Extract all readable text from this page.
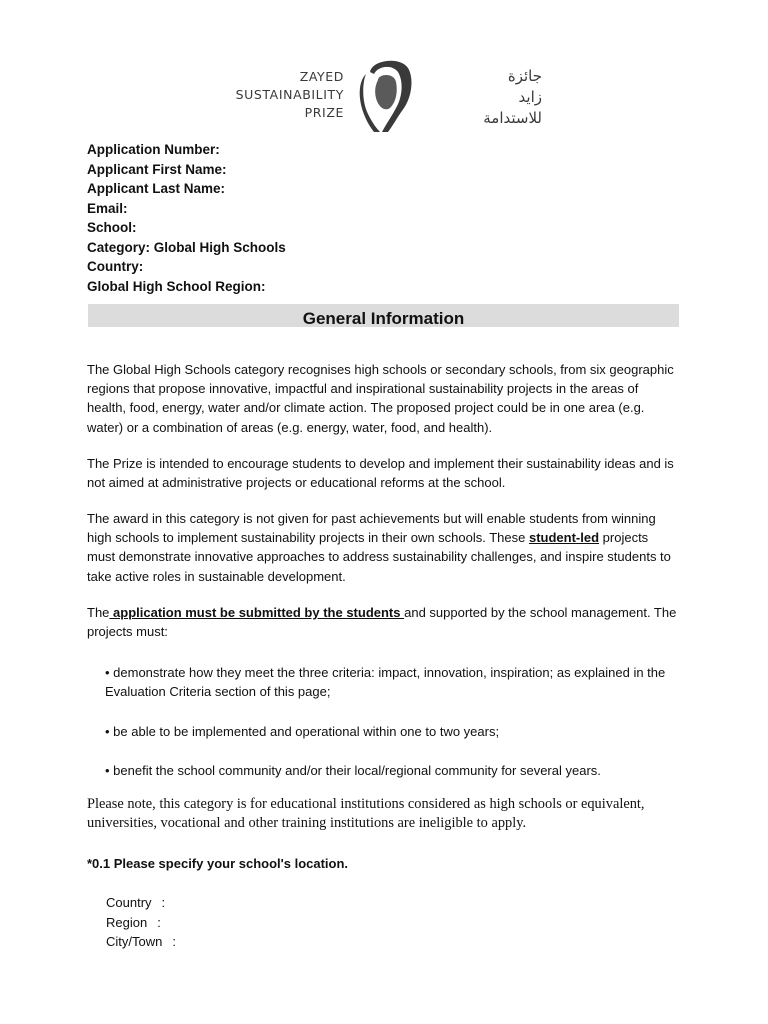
ZAYED
SUSTAINABILITY
PRIZE
جائزة
زايد
للاستدامة
Application Number:
Applicant First Name:
Applicant Last Name:
Email:
School:
Category: Global High Schools
Country:
Global High School Region:
General Information

The Global High Schools category recognises high schools or secondary schools, from six geographic regions that propose innovative, impactful and inspirational sustainability projects in the areas of health, food, energy, water and/or climate action. The proposed project could be in one area (e.g. water) or a combination of areas (e.g. energy, water, food, and health).

The Prize is intended to encourage students to develop and implement their sustainability ideas and is not aimed at administrative projects or educational reforms at the school.

The award in this category is not given for past achievements but will enable students from winning high schools to implement sustainability projects in their own schools. These student-led projects must demonstrate innovative approaches to address sustainability challenges, and inspire students to take active roles in sustainable development.

The application must be submitted by the students and supported by the school management. The projects must:

• demonstrate how they meet the three criteria: impact, innovation, inspiration; as explained in the Evaluation Criteria section of this page;
• be able to be implemented and operational within one to two years;
• benefit the school community and/or their local/regional community for several years.
Please note, this category is for educational institutions considered as high schools or equivalent, universities, vocational and other training institutions are ineligible to apply.
*0.1 Please specify your school's location.
Country :
Region :
City/Town :
